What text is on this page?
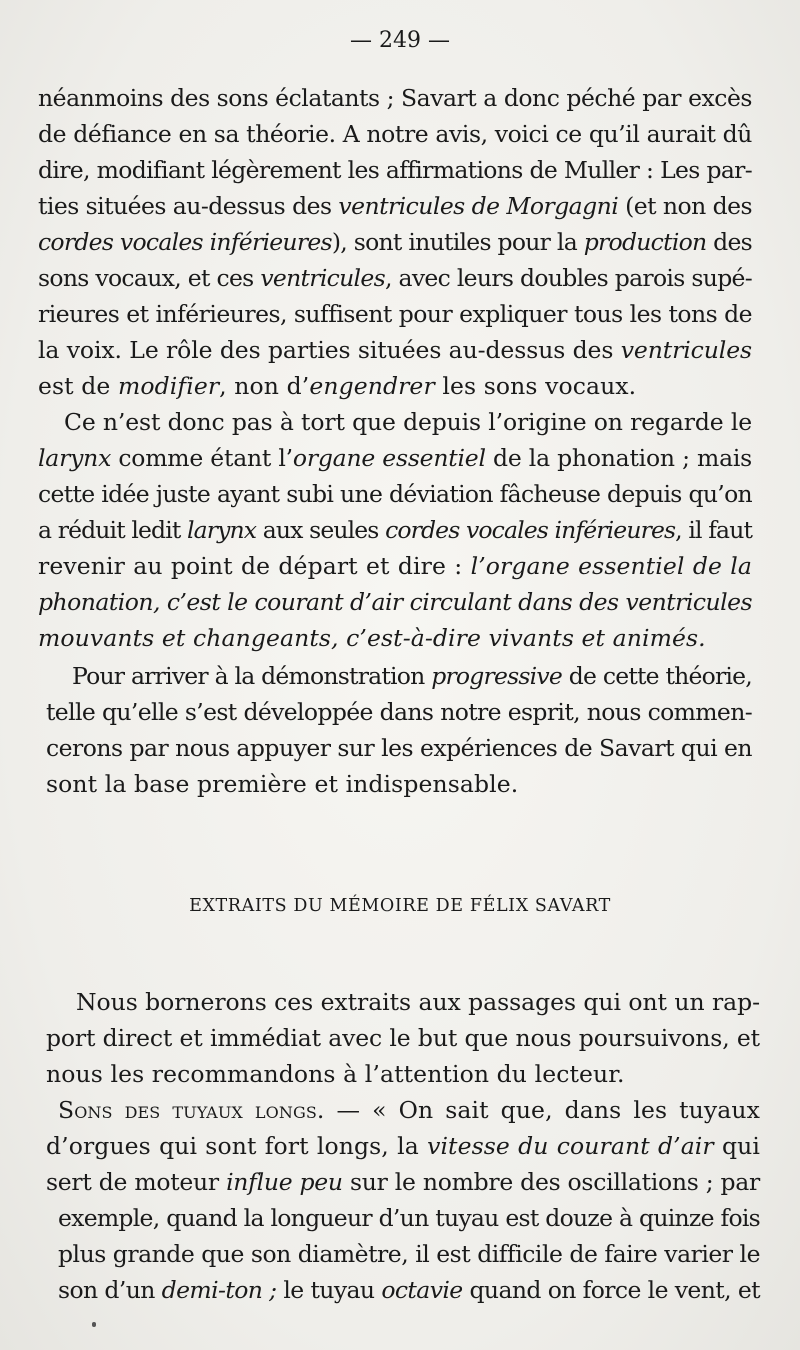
— 249 —
néanmoins des sons éclatants ; Savart a donc péché par excès
de défiance en sa théorie. A notre avis, voici ce qu’il aurait dû
dire, modifiant légèrement les affirmations de Muller : Les par-
ties situées au-dessus des ventricules de Morgagni (et non des
cordes vocales inférieures), sont inutiles pour la production des
sons vocaux, et ces ventricules, avec leurs doubles parois supé-
rieures et inférieures, suffisent pour expliquer tous les tons de
la voix. Le rôle des parties situées au-dessus des ventricules
est de modifier, non d’engendrer les sons vocaux.
Ce n’est donc pas à tort que depuis l’origine on regarde le
larynx comme étant l’organe essentiel de la phonation ; mais
cette idée juste ayant subi une déviation fâcheuse depuis qu’on
a réduit ledit larynx aux seules cordes vocales inférieures, il faut
revenir au point de départ et dire : l’organe essentiel de la
phonation, c’est le courant d’air circulant dans des ventricules
mouvants et changeants, c’est-à-dire vivants et animés.
Pour arriver à la démonstration progressive de cette théorie,
telle qu’elle s’est développée dans notre esprit, nous commen-
cerons par nous appuyer sur les expériences de Savart qui en
sont la base première et indispensable.
Nous bornerons ces extraits aux passages qui ont un rap-
port direct et immédiat avec le but que nous poursuivons, et
nous les recommandons à l’attention du lecteur.
Sons des tuyaux longs. — « On sait que, dans les tuyaux
d’orgues qui sont fort longs, la vitesse du courant d’air qui
sert de moteur influe peu sur le nombre des oscillations ; par
exemple, quand la longueur d’un tuyau est douze à quinze fois
plus grande que son diamètre, il est difficile de faire varier le
son d’un demi-ton ; le tuyau octavie quand on force le vent, et
EXTRAITS DU MÉMOIRE DE FÉLIX SAVART
